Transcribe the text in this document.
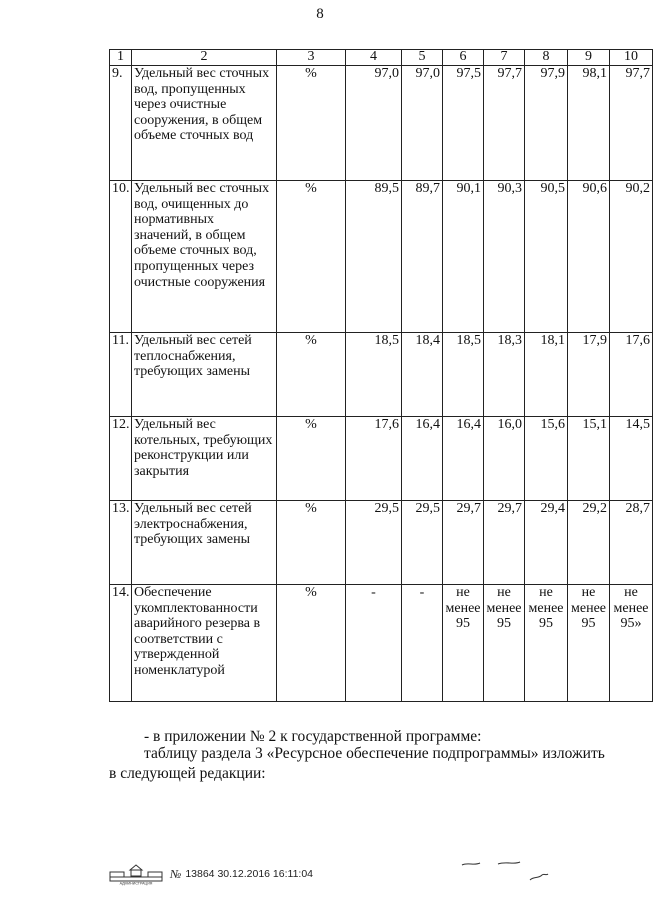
8
1	2	3	4	5	6	7	8	9	10
9.	Удельный вес сточных вод, пропущенных через очистные сооружения, в общем объеме сточных вод	%	97,0	97,0	97,5	97,7	97,9	98,1	97,7
10.	Удельный вес сточных вод, очищенных до нормативных значений, в общем объеме сточных вод, пропущенных через очистные сооружения	%	89,5	89,7	90,1	90,3	90,5	90,6	90,2
11.	Удельный вес сетей теплоснабжения, требующих замены	%	18,5	18,4	18,5	18,3	18,1	17,9	17,6
12.	Удельный вес котельных, требующих реконструкции или закрытия	%	17,6	16,4	16,4	16,0	15,6	15,1	14,5
13.	Удельный вес сетей электроснабжения, требующих замены	%	29,5	29,5	29,7	29,7	29,4	29,2	28,7
14.	Обеспечение укомплектованности аварийного резерва в соответствии с утвержденной номенклатурой	%	-	-	не менее 95	не менее 95	не менее 95	не менее 95	не менее 95»

- в приложении № 2 к государственной программе:

таблицу раздела 3 «Ресурсное обеспечение подпрограммы» изложить в следующей редакции:

АДМИНИСТРАЦИЯ
№ 13864 30.12.2016 16:11:04
